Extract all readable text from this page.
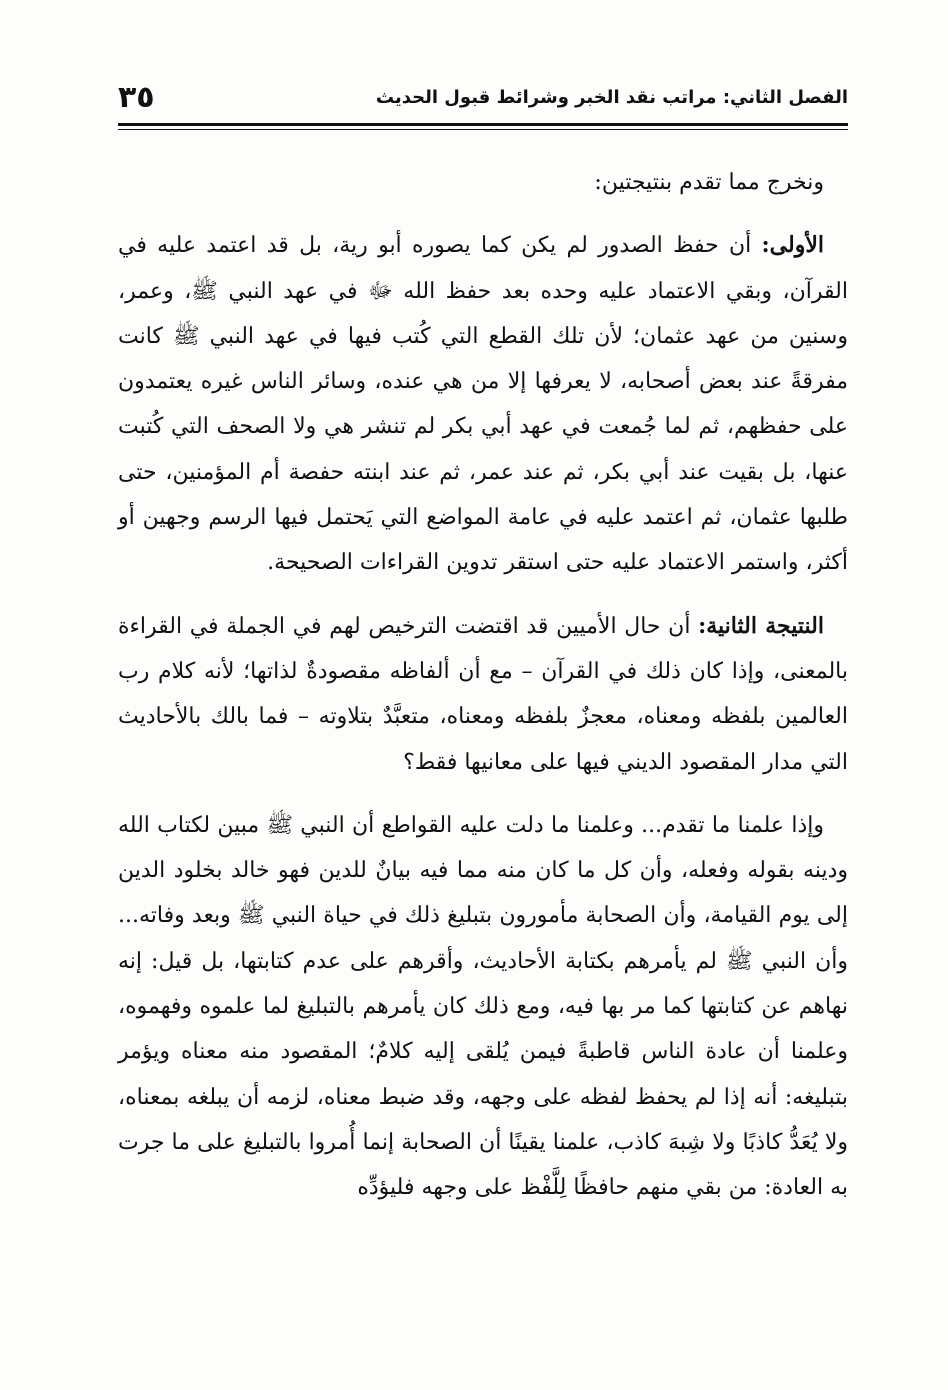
٣٥	الفصل الثاني: مراتب نقد الخبر وشرائط قبول الحديث

ونخرج مما تقدم بنتيجتين:

الأولى: أن حفظ الصدور لم يكن كما يصوره أبو رية، بل قد اعتمد عليه في القرآن، وبقي الاعتماد عليه وحده بعد حفظ الله ﷻ في عهد النبي ﷺ، وعمر، وسنين من عهد عثمان؛ لأن تلك القطع التي كُتب فيها في عهد النبي ﷺ كانت مفرقةً عند بعض أصحابه، لا يعرفها إلا من هي عنده، وسائر الناس غيره يعتمدون على حفظهم، ثم لما جُمعت في عهد أبي بكر لم تنشر هي ولا الصحف التي كُتبت عنها، بل بقيت عند أبي بكر، ثم عند عمر، ثم عند ابنته حفصة أم المؤمنين، حتى طلبها عثمان، ثم اعتمد عليه في عامة المواضع التي يَحتمل فيها الرسم وجهين أو أكثر، واستمر الاعتماد عليه حتى استقر تدوين القراءات الصحيحة.

النتيجة الثانية: أن حال الأميين قد اقتضت الترخيص لهم في الجملة في القراءة بالمعنى، وإذا كان ذلك في القرآن – مع أن ألفاظه مقصودةٌ لذاتها؛ لأنه كلام رب العالمين بلفظه ومعناه، معجزٌ بلفظه ومعناه، متعبَّدٌ بتلاوته – فما بالك بالأحاديث التي مدار المقصود الديني فيها على معانيها فقط؟

وإذا علمنا ما تقدم... وعلمنا ما دلت عليه القواطع أن النبي ﷺ مبين لكتاب الله ودينه بقوله وفعله، وأن كل ما كان منه مما فيه بيانٌ للدين فهو خالد بخلود الدين إلى يوم القيامة، وأن الصحابة مأمورون بتبليغ ذلك في حياة النبي ﷺ وبعد وفاته... وأن النبي ﷺ لم يأمرهم بكتابة الأحاديث، وأقرهم على عدم كتابتها، بل قيل: إنه نهاهم عن كتابتها كما مر بها فيه، ومع ذلك كان يأمرهم بالتبليغ لما علموه وفهموه، وعلمنا أن عادة الناس قاطبةً فيمن يُلقى إليه كلامٌ؛ المقصود منه معناه ويؤمر بتبليغه: أنه إذا لم يحفظ لفظه على وجهه، وقد ضبط معناه، لزمه أن يبلغه بمعناه، ولا يُعَدُّ كاذبًا ولا شِبهَ كاذب، علمنا يقينًا أن الصحابة إنما أُمروا بالتبليغ على ما جرت به العادة: من بقي منهم حافظًا لِلَّفْظ على وجهه فليؤدِّه
